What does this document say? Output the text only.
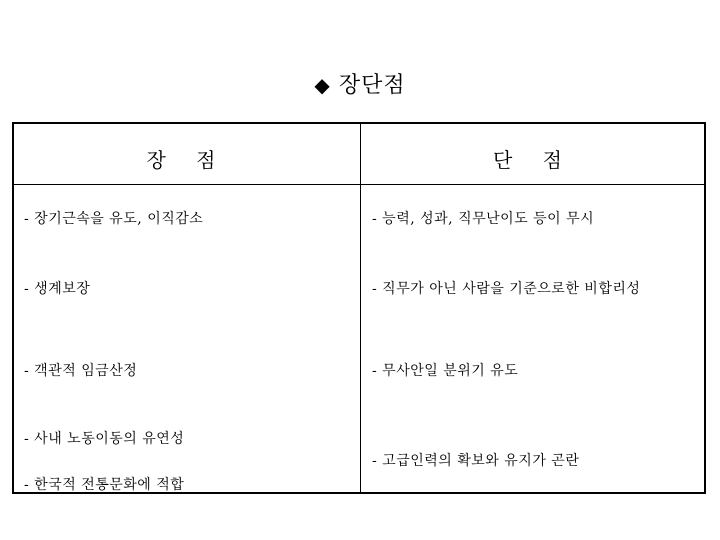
◆ 장단점
장 점	단 점
- 장기근속을 유도, 이직감소
- 생계보장
- 객관적 임금산정
- 사내 노동이동의 유연성
- 한국적 전통문화에 적합
- 능력, 성과, 직무난이도 등이 무시
- 직무가 아닌 사람을 기준으로한 비합리성
- 무사안일 분위기 유도
- 고급인력의 확보와 유지가 곤란
